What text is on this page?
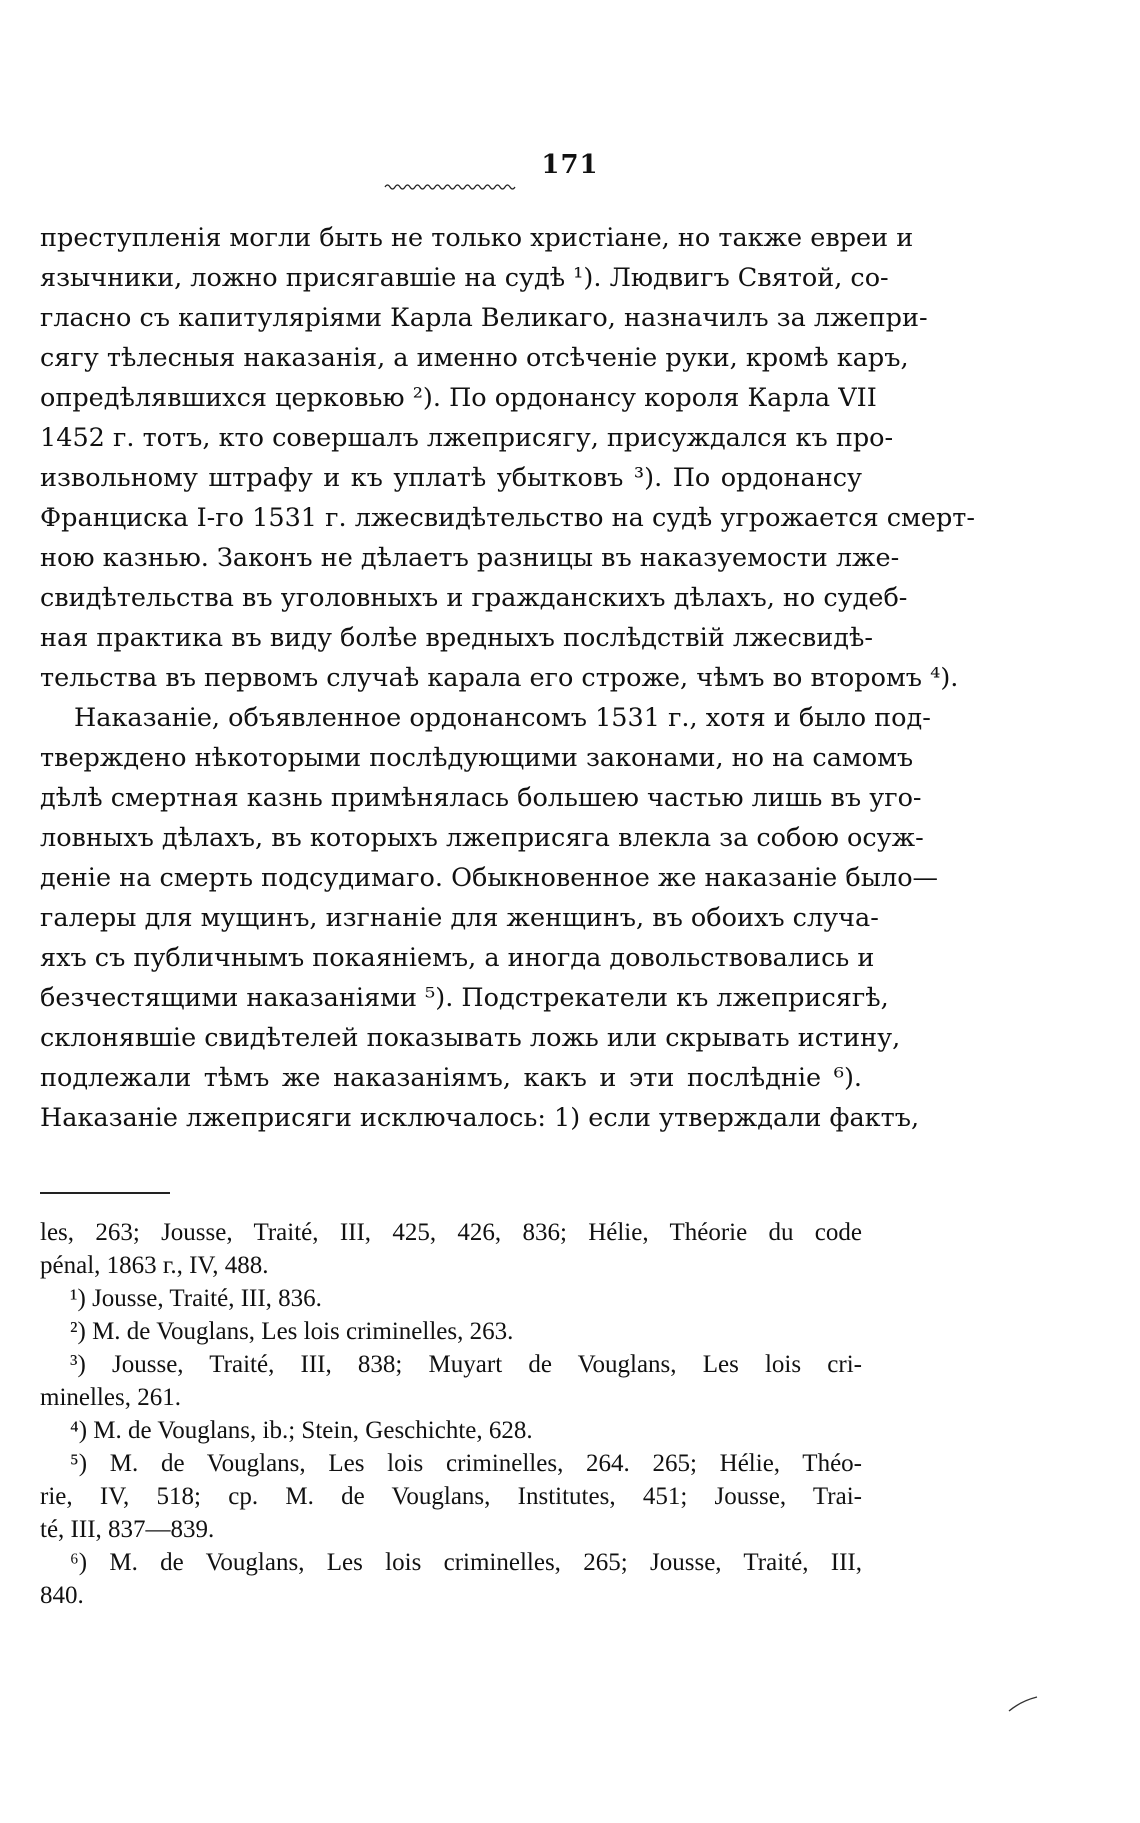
171
преступленія могли быть не только христіане, но также евреи и
язычники, ложно присягавшіе на судѣ ¹). Людвигъ Святой, со-
гласно съ капитуляріями Карла Великаго, назначилъ за лжепри-
сягу тѣлесныя наказанія, а именно отсѣченіе руки, кромѣ каръ,
опредѣлявшихся церковью ²). По ордонансу короля Карла VII
1452 г. тотъ, кто совершалъ лжеприсягу, присуждался къ про-
извольному штрафу и къ уплатѣ убытковъ ³). По ордонансу
Франциска I-го 1531 г. лжесвидѣтельство на судѣ угрожается смерт-
ною казнью. Законъ не дѣлаетъ разницы въ наказуемости лже-
свидѣтельства въ уголовныхъ и гражданскихъ дѣлахъ, но судеб-
ная практика въ виду болѣе вредныхъ послѣдствій лжесвидѣ-
тельства въ первомъ случаѣ карала его строже, чѣмъ во второмъ ⁴).
Наказаніе, объявленное ордонансомъ 1531 г., хотя и было под-
тверждено нѣкоторыми послѣдующими законами, но на самомъ
дѣлѣ смертная казнь примѣнялась большею частью лишь въ уго-
ловныхъ дѣлахъ, въ которыхъ лжеприсяга влекла за собою осуж-
деніе на смерть подсудимаго. Обыкновенное же наказаніе было—
галеры для мущинъ, изгнаніе для женщинъ, въ обоихъ случа-
яхъ съ публичнымъ покаяніемъ, а иногда довольствовались и
безчестящими наказаніями ⁵). Подстрекатели къ лжеприсягѣ,
склонявшіе свидѣтелей показывать ложь или скрывать истину,
подлежали тѣмъ же наказаніямъ, какъ и эти послѣдніе ⁶).
Наказаніе лжеприсяги исключалось: 1) если утверждали фактъ,
les, 263; Jousse, Traité, III, 425, 426, 836; Hélie, Théorie du code
pénal, 1863 г., IV, 488.
¹) Jousse, Traité, III, 836.
²) M. de Vouglans, Les lois criminelles, 263.
³) Jousse, Traité, III, 838; Muyart de Vouglans, Les lois cri-
minelles, 261.
⁴) M. de Vouglans, ib.; Stein, Geschichte, 628.
⁵) M. de Vouglans, Les lois criminelles, 264. 265; Hélie, Théo-
rie, IV, 518; cp. M. de Vouglans, Institutes, 451; Jousse, Trai-
té, III, 837—839.
⁶) M. de Vouglans, Les lois criminelles, 265; Jousse, Traité, III,
840.
